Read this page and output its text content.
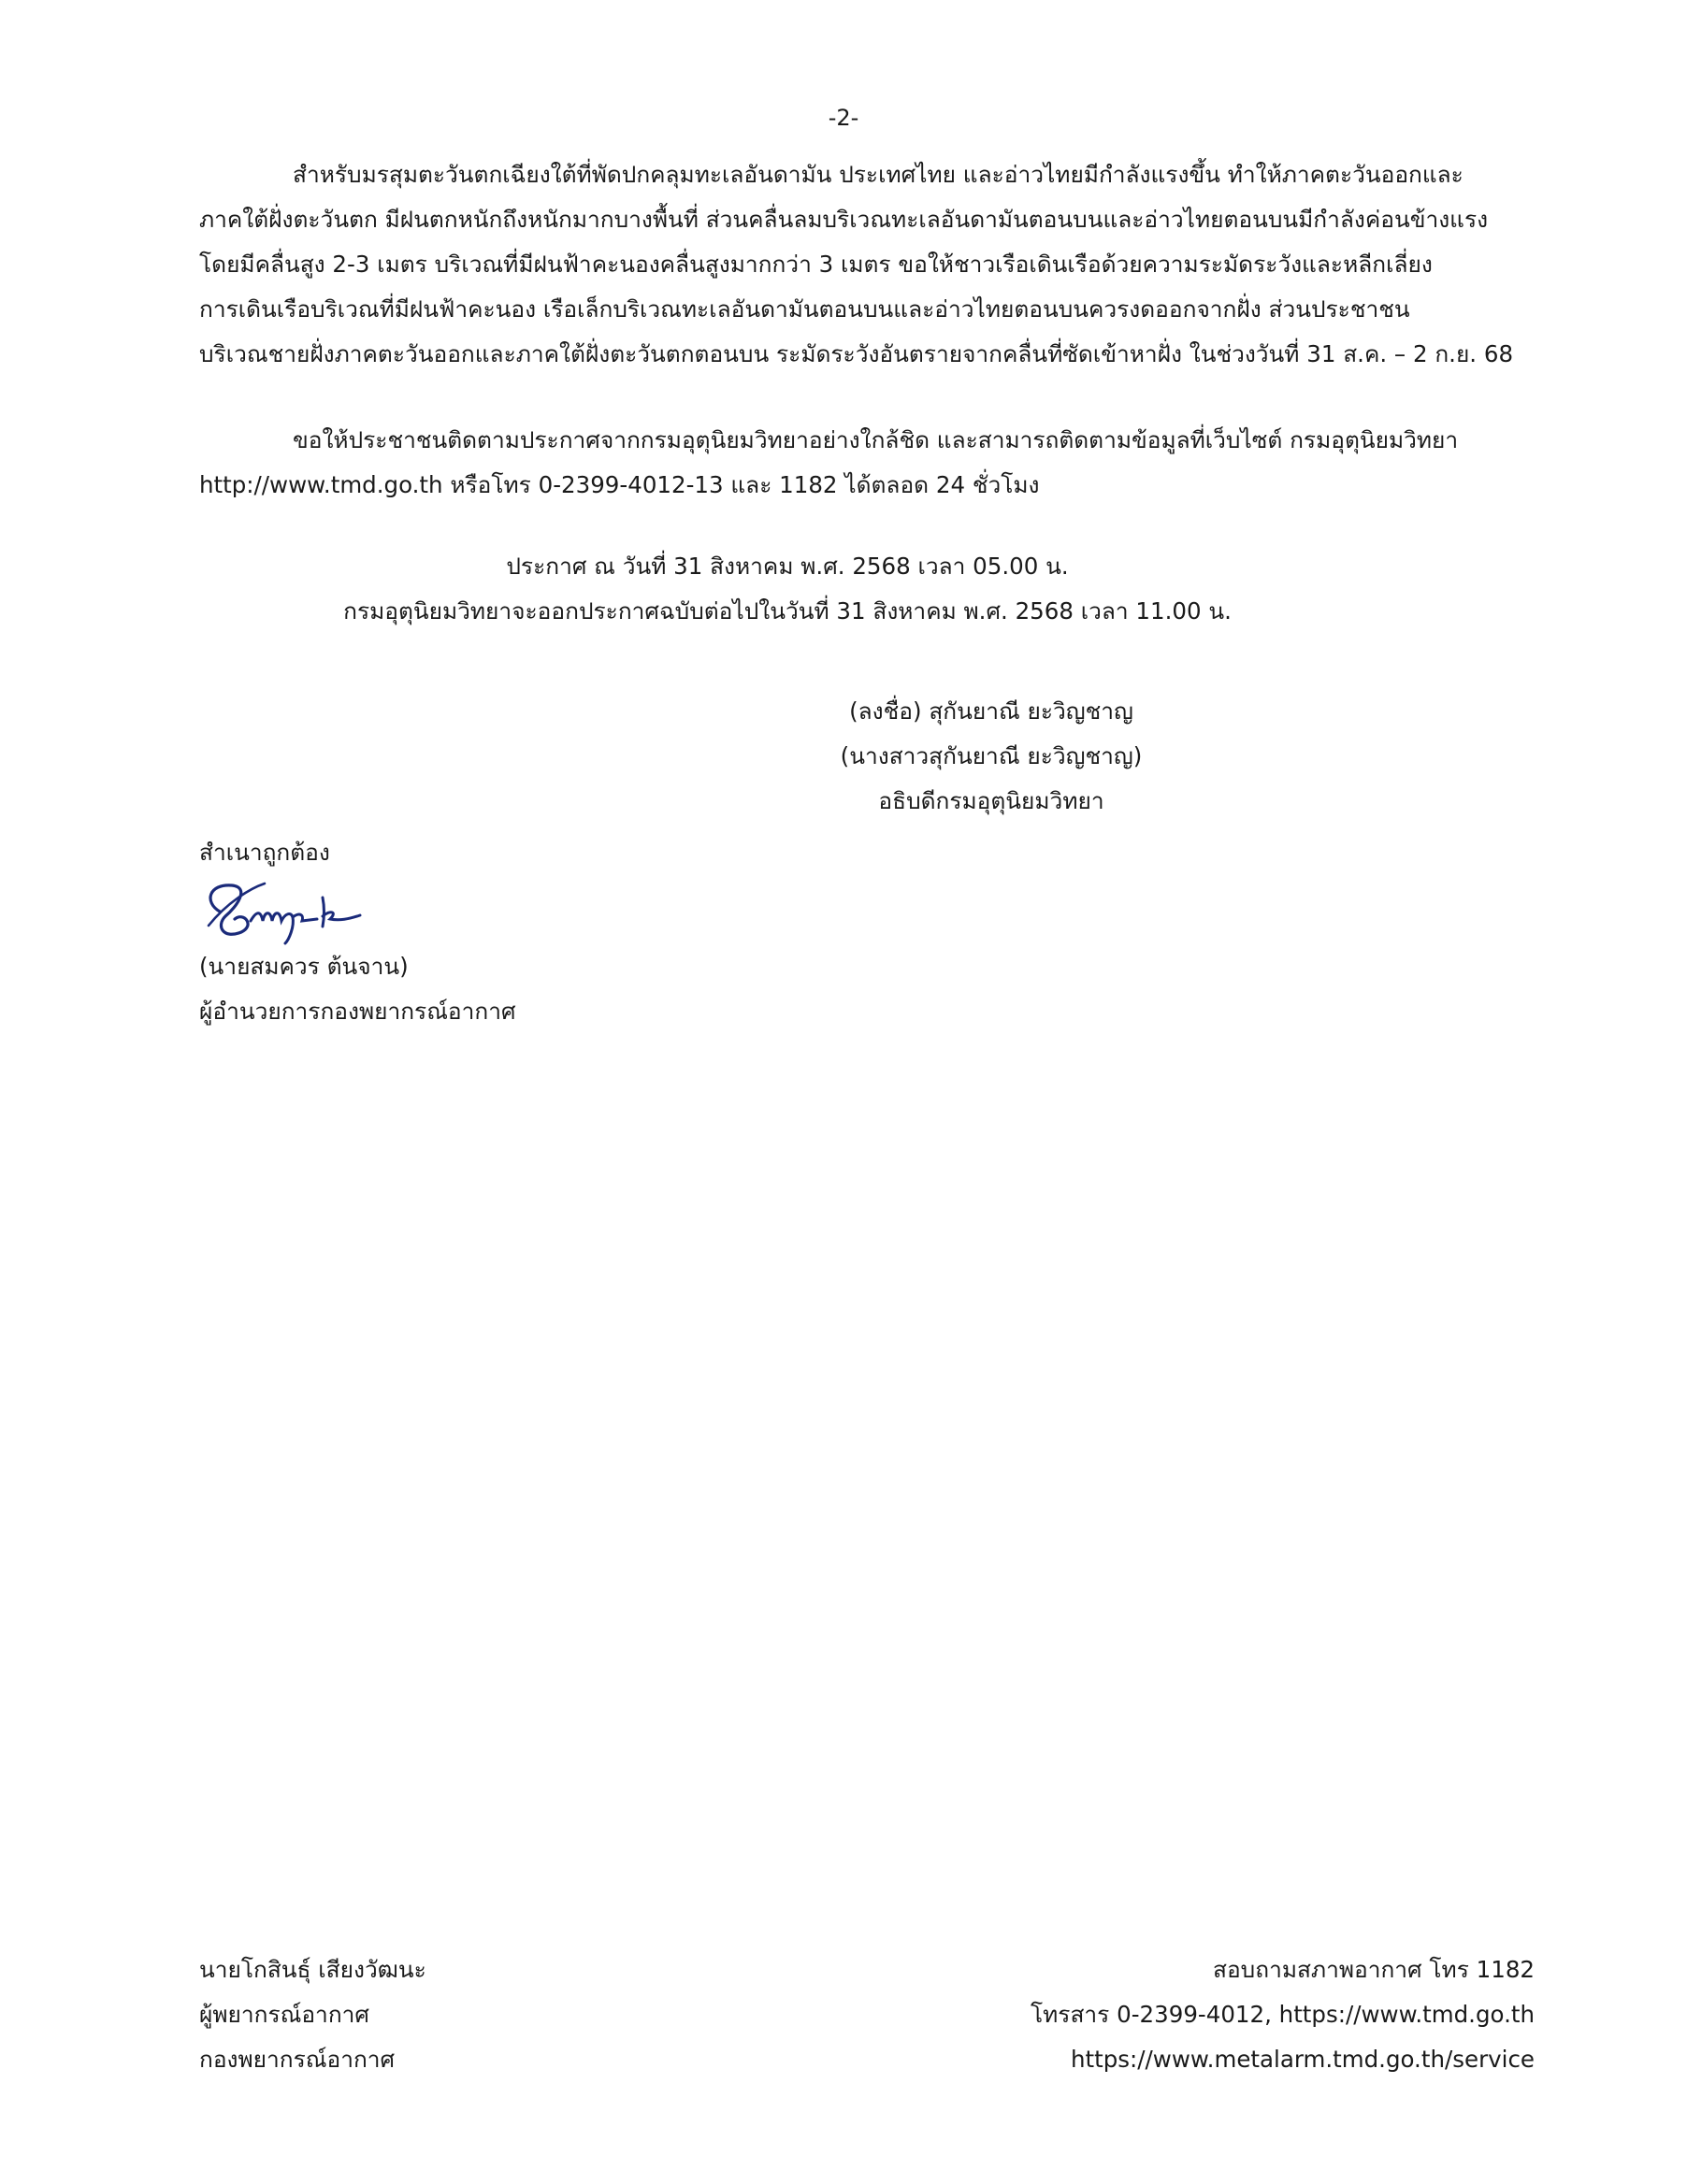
-2-
สำหรับมรสุมตะวันตกเฉียงใต้ที่พัดปกคลุมทะเลอันดามัน ประเทศไทย และอ่าวไทยมีกำลังแรงขึ้น ทำให้ภาคตะวันออกและ
ภาคใต้ฝั่งตะวันตก มีฝนตกหนักถึงหนักมากบางพื้นที่ ส่วนคลื่นลมบริเวณทะเลอันดามันตอนบนและอ่าวไทยตอนบนมีกำลังค่อนข้างแรง
โดยมีคลื่นสูง 2-3 เมตร บริเวณที่มีฝนฟ้าคะนองคลื่นสูงมากกว่า 3 เมตร ขอให้ชาวเรือเดินเรือด้วยความระมัดระวังและหลีกเลี่ยง
การเดินเรือบริเวณที่มีฝนฟ้าคะนอง เรือเล็กบริเวณทะเลอันดามันตอนบนและอ่าวไทยตอนบนควรงดออกจากฝั่ง ส่วนประชาชน
บริเวณชายฝั่งภาคตะวันออกและภาคใต้ฝั่งตะวันตกตอนบน ระมัดระวังอันตรายจากคลื่นที่ซัดเข้าหาฝั่ง ในช่วงวันที่ 31 ส.ค. – 2 ก.ย. 68
ขอให้ประชาชนติดตามประกาศจากกรมอุตุนิยมวิทยาอย่างใกล้ชิด และสามารถติดตามข้อมูลที่เว็บไซต์ กรมอุตุนิยมวิทยา
http://www.tmd.go.th หรือโทร 0-2399-4012-13 และ 1182 ได้ตลอด 24 ชั่วโมง
ประกาศ ณ วันที่ 31 สิงหาคม พ.ศ. 2568 เวลา 05.00 น.
กรมอุตุนิยมวิทยาจะออกประกาศฉบับต่อไปในวันที่ 31 สิงหาคม พ.ศ. 2568 เวลา 11.00 น.
(ลงชื่อ) สุกันยาณี ยะวิญชาญ
(นางสาวสุกันยาณี ยะวิญชาญ)
อธิบดีกรมอุตุนิยมวิทยา
สำเนาถูกต้อง
(นายสมควร ต้นจาน)
ผู้อำนวยการกองพยากรณ์อากาศ
นายโกสินธุ์ เสียงวัฒนะ
ผู้พยากรณ์อากาศ
กองพยากรณ์อากาศ
สอบถามสภาพอากาศ โทร 1182
โทรสาร 0-2399-4012, https://www.tmd.go.th
https://www.metalarm.tmd.go.th/service
